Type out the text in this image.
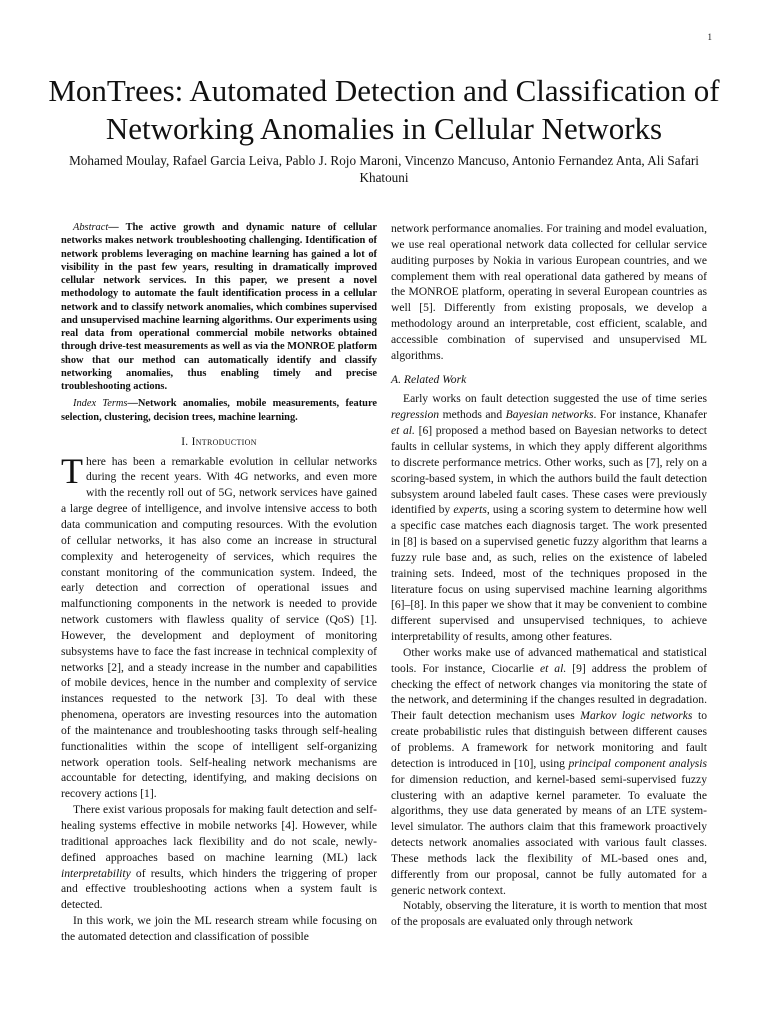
1
MonTrees: Automated Detection and Classification of Networking Anomalies in Cellular Networks
Mohamed Moulay, Rafael Garcia Leiva, Pablo J. Rojo Maroni, Vincenzo Mancuso, Antonio Fernandez Anta, Ali Safari Khatouni

Abstract— The active growth and dynamic nature of cellular networks makes network troubleshooting challenging. Identification of network problems leveraging on machine learning has gained a lot of visibility in the past few years, resulting in dramatically improved cellular network services. In this paper, we present a novel methodology to automate the fault identification process in a cellular network and to classify network anomalies, which combines supervised and unsupervised machine learning algorithms. Our experiments using real data from operational commercial mobile networks obtained through drive-test measurements as well as via the MONROE platform show that our method can automatically identify and classify networking anomalies, thus enabling timely and precise troubleshooting actions.

Index Terms—Network anomalies, mobile measurements, feature selection, clustering, decision trees, machine learning.

I. Introduction

There has been a remarkable evolution in cellular networks during the recent years. With 4G networks, and even more with the recently roll out of 5G, network services have gained a large degree of intelligence, and involve intensive access to both data communication and computing resources. With the evolution of cellular networks, it has also come an increase in structural complexity and heterogeneity of services, which requires the constant monitoring of the communication system. Indeed, the early detection and correction of operational issues and malfunctioning components in the network is needed to provide network customers with flawless quality of service (QoS) [1]. However, the development and deployment of monitoring subsystems have to face the fast increase in technical complexity of networks [2], and a steady increase in the number and capabilities of mobile devices, hence in the number and complexity of service instances requested to the network [3]. To deal with these phenomena, operators are investing resources into the automation of the maintenance and troubleshooting tasks through self-healing functionalities within the scope of intelligent self-organizing network operation tools. Self-healing network mechanisms are accountable for detecting, identifying, and making decisions on recovery actions [1].

There exist various proposals for making fault detection and self-healing systems effective in mobile networks [4]. However, while traditional approaches lack flexibility and do not scale, newly-defined approaches based on machine learning (ML) lack interpretability of results, which hinders the triggering of proper and effective troubleshooting actions when a system fault is detected.

In this work, we join the ML research stream while focusing on the automated detection and classification of possible

network performance anomalies. For training and model evaluation, we use real operational network data collected for cellular service auditing purposes by Nokia in various European countries, and we complement them with real operational data gathered by means of the MONROE platform, operating in several European countries as well [5]. Differently from existing proposals, we develop a methodology around an interpretable, cost efficient, scalable, and accessible combination of supervised and unsupervised ML algorithms.

A. Related Work

Early works on fault detection suggested the use of time series regression methods and Bayesian networks. For instance, Khanafer et al. [6] proposed a method based on Bayesian networks to detect faults in cellular systems, in which they apply different algorithms to discrete performance metrics. Other works, such as [7], rely on a scoring-based system, in which the authors build the fault detection subsystem around labeled fault cases. These cases were previously identified by experts, using a scoring system to determine how well a specific case matches each diagnosis target. The work presented in [8] is based on a supervised genetic fuzzy algorithm that learns a fuzzy rule base and, as such, relies on the existence of labeled training sets. Indeed, most of the techniques proposed in the literature focus on using supervised machine learning algorithms [6]–[8]. In this paper we show that it may be convenient to combine different supervised and unsupervised techniques, to achieve interpretability of results, among other features.

Other works make use of advanced mathematical and statistical tools. For instance, Ciocarlie et al. [9] address the problem of checking the effect of network changes via monitoring the state of the network, and determining if the changes resulted in degradation. Their fault detection mechanism uses Markov logic networks to create probabilistic rules that distinguish between different causes of problems. A framework for network monitoring and fault detection is introduced in [10], using principal component analysis for dimension reduction, and kernel-based semi-supervised fuzzy clustering with an adaptive kernel parameter. To evaluate the algorithms, they use data generated by means of an LTE system-level simulator. The authors claim that this framework proactively detects network anomalies associated with various fault classes. These methods lack the flexibility of ML-based ones and, differently from our proposal, cannot be fully automated for a generic network context.

Notably, observing the literature, it is worth to mention that most of the proposals are evaluated only through network
